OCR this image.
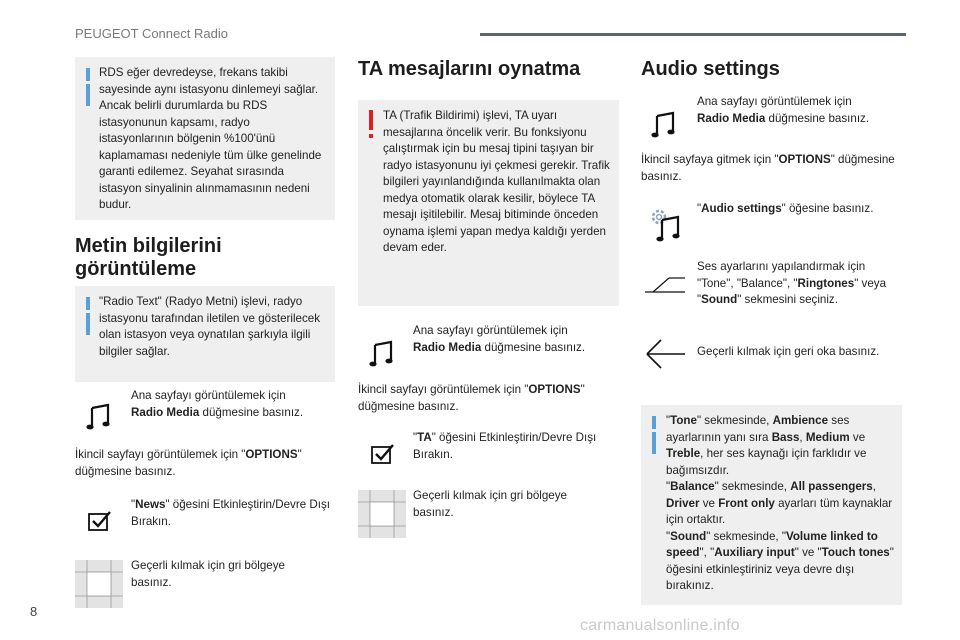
PEUGEOT Connect Radio
RDS eğer devredeyse, frekans takibi sayesinde aynı istasyonu dinlemeyi sağlar. Ancak belirli durumlarda bu RDS istasyonunun kapsamı, radyo istasyonlarının bölgenin %100'ünü kaplamaması nedeniyle tüm ülke genelinde garanti edilemez. Seyahat sırasında istasyon sinyalinin alınmamasının nedeni budur.
Metin bilgilerini görüntüleme
"Radio Text" (Radyo Metni) işlevi, radyo istasyonu tarafından iletilen ve gösterilecek olan istasyon veya oynatılan şarkıyla ilgili bilgiler sağlar.
Ana sayfayı görüntülemek için
Radio Media düğmesine basınız.
İkincil sayfayı görüntülemek için "OPTIONS" düğmesine basınız.
"News" öğesini Etkinleştirin/Devre Dışı Bırakın.
Geçerli kılmak için gri bölgeye basınız.
TA mesajlarını oynatma
TA (Trafik Bildirimi) işlevi, TA uyarı mesajlarına öncelik verir. Bu fonksiyonu çalıştırmak için bu mesaj tipini taşıyan bir radyo istasyonunu iyi çekmesi gerekir. Trafik bilgileri yayınlandığında kullanılmakta olan medya otomatik olarak kesilir, böylece TA mesajı işitilebilir. Mesaj bitiminde önceden oynama işlemi yapan medya kaldığı yerden devam eder.
Ana sayfayı görüntülemek için
Radio Media düğmesine basınız.
İkincil sayfayı görüntülemek için "OPTIONS" düğmesine basınız.
"TA" öğesini Etkinleştirin/Devre Dışı Bırakın.
Geçerli kılmak için gri bölgeye basınız.
Audio settings
Ana sayfayı görüntülemek için
Radio Media düğmesine basınız.
İkincil sayfaya gitmek için "OPTIONS" düğmesine basınız.
"Audio settings" öğesine basınız.
Ses ayarlarını yapılandırmak için "Tone", "Balance", "Ringtones" veya "Sound" sekmesini seçiniz.
Geçerli kılmak için geri oka basınız.
"Tone" sekmesinde, Ambience ses ayarlarının yanı sıra Bass, Medium ve Treble, her ses kaynağı için farklıdır ve bağımsızdır.
"Balance" sekmesinde, All passengers, Driver ve Front only ayarları tüm kaynaklar için ortaktır.
"Sound" sekmesinde, "Volume linked to speed", "Auxiliary input" ve "Touch tones" öğesini etkinleştiriniz veya devre dışı bırakınız.
8
carmanualsonline.info
